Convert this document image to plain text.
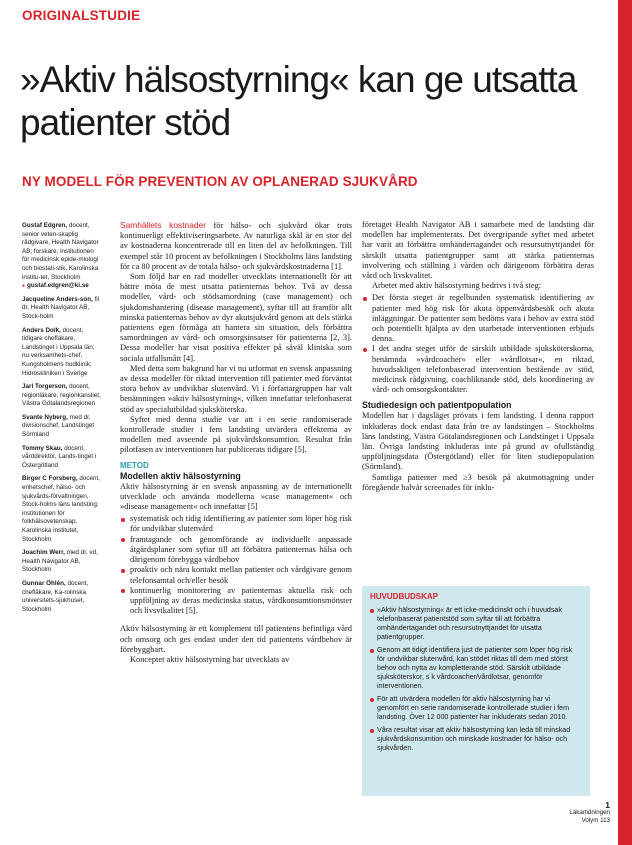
ORIGINALSTUDIE
»Aktiv hälsostyrning« kan ge utsatta patienter stöd
NY MODELL FÖR PREVENTION AV OPLANERAD SJUKVÅRD
Gustaf Edgren, docent, senior veten-skaplig rådgivare, Health Navigator AB; forskare, institutionen för medicinsk epide-miologi och biostati-stik, Karolinska institu-tet, Stockholm
● gustaf.edgren@ki.se
Jacqueline Anders-son, fil dr, Health Navigator AB, Stock-holm
Anders Dolk, docent, tidigare chefläkare, Landstinget i Uppsala län; nu verksamhets-chef, Kungsholmens hudklinik; Hidroskliniken i Sverige
Jarl Torgerson, docent, regionläkare, regionkansliet, Västra Götalandsregionen
Svante Nyberg, med dr, divisionschef, Landstinget Sörmland
Tommy Skau, docent, vårddirektör, Lands-tinget i Östergötland
Birger C Forsberg, docent, enhetschef, hälso- och sjukvårds-förvaltningen, Stock-holms läns landsting; institutionen för folkhälsovetenskap, Karolinska institutet, Stockholm
Joachim Werr, med dr, vd, Health Navigator AB, Stockholm
Gunnar Öhlén, docent, chefläkare, Ka-rolinska universitets-sjukhuset, Stockholm

Samhällets kostnader för hälso- och sjukvård ökar trots kontinuerligt effektiviseringsarbete. Av naturliga skäl är en stor del av kostnaderna koncentrerade till en liten del av befolkningen. Till exempel står 10 procent av befolkningen i Stockholms läns landsting för ca 80 procent av de totala hälso- och sjukvårdskostnaderna [1].

Som följd har en rad modeller utvecklats internationellt för att bättre möta de mest utsatta patienternas behov. Två av dessa modeller, vård- och stödsamordning (case management) och sjukdomshantering (disease management), syftar till att framför allt minska patienternas behov av dyr akutsjukvård genom att dels stärka patientens egen förmåga att hantera sin situation, dels förbättra samordningen av vård- och omsorgsinsatser för patienterna [2, 3]. Dessa modeller har visat positiva effekter på såväl kliniska som sociala utfallsmått [4].

Med detta som bakgrund har vi nu utformat en svensk anpassning av dessa modeller för riktad intervention till patienter med förväntat stora behov av undvikbar slutenvård. Vi i författargruppen har valt benämningen »aktiv hälsostyrning«, vilken innefattar telefonbaserat stöd av specialutbildad sjuksköterska.

Syftet med denna studie var att i en serie randomiserade kontrollerade studier i fem landsting utvärdera effekterna av modellen med avseende på sjukvårdskonsumtion. Resultat från pilotfasen av interventionen har publicerats tidigare [5].

METOD
Modellen aktiv hälsostyrning

Aktiv hälsostyrning är en svensk anpassning av de internationellt utvecklade och använda modellerna »case management« och »disease management« och innefattar [5]

systematisk och tidig identifiering av patienter som löper hög risk för undvikbar slutenvård
framtagande och genomförande av individuellt anpassade åtgärdsplaner som syftar till att förbättra patienternas hälsa och därigenom förebygga vårdbehov
proaktiv och nära kontakt mellan patienter och vårdgivare genom telefonsamtal och/eller besök
kontinuerlig monitorering av patienternas aktuella risk och uppföljning av deras medicinska status, vårdkonsumtionsmönster och livsvikalitet [5].

Aktiv hälsostyrning är ett komplement till patientens befintliga vård och omsorg och ges endast under den tid patientens vårdbehov är förebyggbart.

Konceptet aktiv hälsostyrning har utvecklats av

företaget Health Navigator AB i samarbete med de landsting där modellen har implementerats. Det övergripande syftet med arbetet har varit att förbättra omhändertagandet och resursutnyttjandet för särskilt utsatta patientgrupper samt att stärka patienternas involvering och ställning i vården och därigenom förbättra deras vård och livskvalitet.

Arbetet med aktiv hälsostyrning bedrivs i två steg:

Det första steget är regelbunden systematisk identifiering av patienter med hög risk för akuta öppenvårdsbesök och akuta inläggningar. De patienter som bedöms vara i behov av extra stöd och potentiellt hjälpta av den utarbetade interventionen erbjuds denna.
I det andra steget utför de särskilt utbildade sjuksköterskorna, benämnda »vårdcoacher« eller »vårdlotsar«, en riktad, huvudsakligen telefonbaserad intervention bestående av stöd, medicinsk rådgivning, coachliknande stöd, dels koordinering av vård- och omsorgskontakter.
Studiedesign och patientpopulation

Modellen har i dagsläget prövats i fem landsting. I denna rapport inkluderas dock endast data från tre av landstingen – Stockholms läns landsting, Västra Götalandsregionen och Landstinget i Uppsala län. Övriga landsting inkluderas inte på grund av ofullständig uppföljningsdata (Östergötland) eller för liten studiepopulation (Sörmland).

Samtliga patienter med ≥3 besök på akutmottagning under föregående halvår screenades för inklu-

HUVUDBUDSKAP
»Aktiv hälsostyrning« är ett icke-medicinskt och i huvudsak telefonbaserat patientstöd som syftar till att förbättra omhändertagandet och resursutnyttjandet för utsatta patientgrupper.
Genom att tidigt identifiera just de patienter som löper hög risk för undvikbar slutenvård, kan stödet riktas till dem med störst behov och nytta av kompletterande stöd. Särskilt utbildade sjuksköterskor, s k vårdcoacher/vårdlotsar, genomför interventionen.
För att utvärdera modellen för aktiv hälsostyrning har vi genomfört en serie randomiserade kontrollerade studier i fem landsting. Över 12 000 patienter har inkluderats sedan 2010.
Våra resultat visar att aktiv hälsostyrning kan leda till minskad sjukvårdskonsumtion och minskade kostnader för hälso- och sjukvården.
1
Läkartidningen
Volym 113
